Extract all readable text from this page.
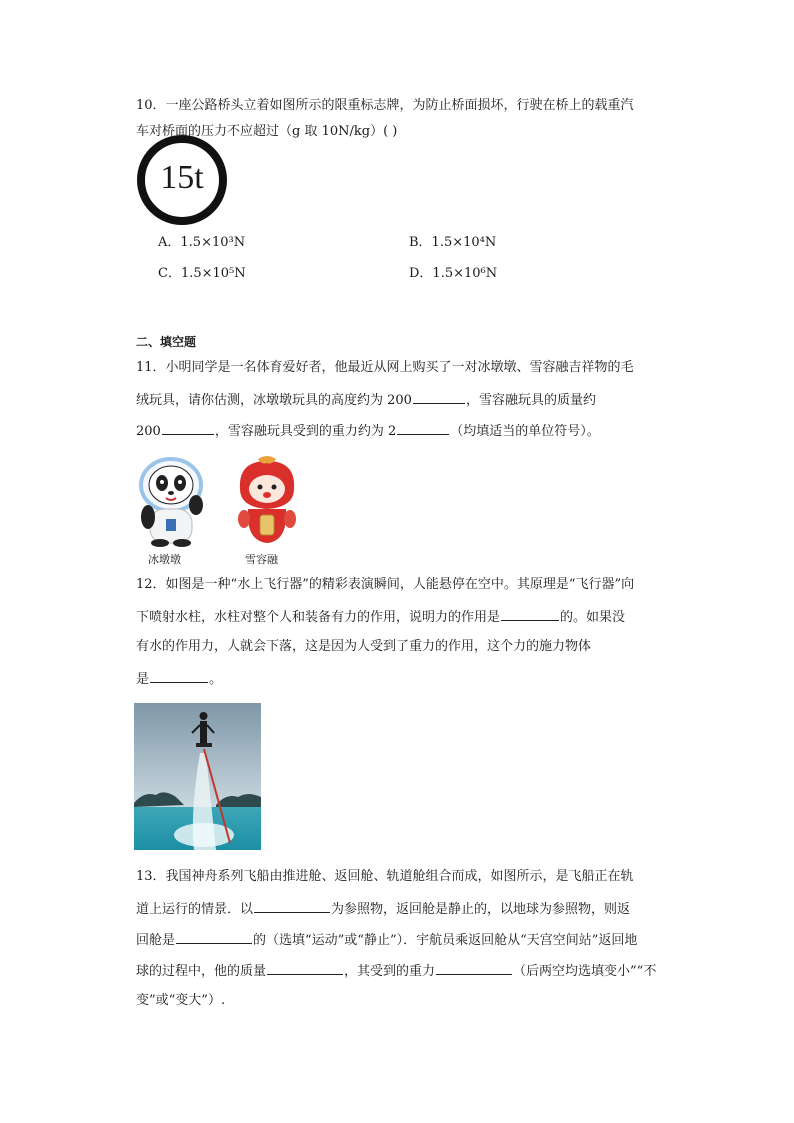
10．一座公路桥头立着如图所示的限重标志牌，为防止桥面损坏，行驶在桥上的载重汽
车对桥面的压力不应超过（g 取 10N/kg）( )
15t
A．1.5×10³N	B．1.5×10⁴N
C．1.5×10⁵N	D．1.5×10⁶N
二、填空题
11．小明同学是一名体育爱好者，他最近从网上购买了一对冰墩墩、雪容融吉祥物的毛
绒玩具，请你估测，冰墩墩玩具的高度约为 200	，雪容融玩具的质量约
200	，雪容融玩具受到的重力约为 2	（均填适当的单位符号）。
冰墩墩	雪容融
12．如图是一种“水上飞行器”的精彩表演瞬间，人能悬停在空中。其原理是“飞行器”向
下喷射水柱，水柱对整个人和装备有力的作用，说明力的作用是	的。如果没
有水的作用力，人就会下落，这是因为人受到了重力的作用，这个力的施力物体
是	。
13．我国神舟系列飞船由推进舱、返回舱、轨道舱组合而成，如图所示，是飞船正在轨
道上运行的情景．以	为参照物，返回舱是静止的，以地球为参照物，则返
回舱是	的（选填“运动”或“静止”）．宇航员乘返回舱从“天宫空间站”返回地
球的过程中，他的质量	，其受到的重力	（后两空均选填变小”“不
变”或“变大”）.
